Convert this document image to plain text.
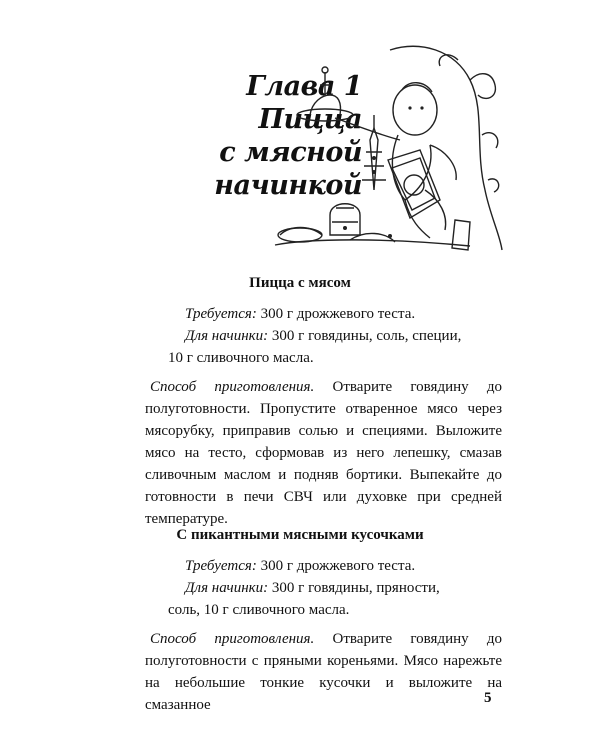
Глава 1
Пицца
с мясной
начинкой
Пицца с мясом
Требуется: 300 г дрожжевого теста.
Для начинки: 300 г говядины, соль, специи,
10 г сливочного масла.
Способ приготовления. Отварите говядину до полуготовности. Пропустите отваренное мясо через мясорубку, приправив солью и специями. Выложите мясо на тесто, сформовав из него лепешку, смазав сливочным маслом и подняв бортики. Выпекайте до готовности в печи СВЧ или духовке при средней температуре.
С пикантными мясными кусочками
Требуется: 300 г дрожжевого теста.
Для начинки: 300 г говядины, пряности,
соль, 10 г сливочного масла.
Способ приготовления. Отварите говядину до полуготовности с пряными кореньями. Мясо нарежьте на небольшие тонкие кусочки и выложите на смазанное	5
